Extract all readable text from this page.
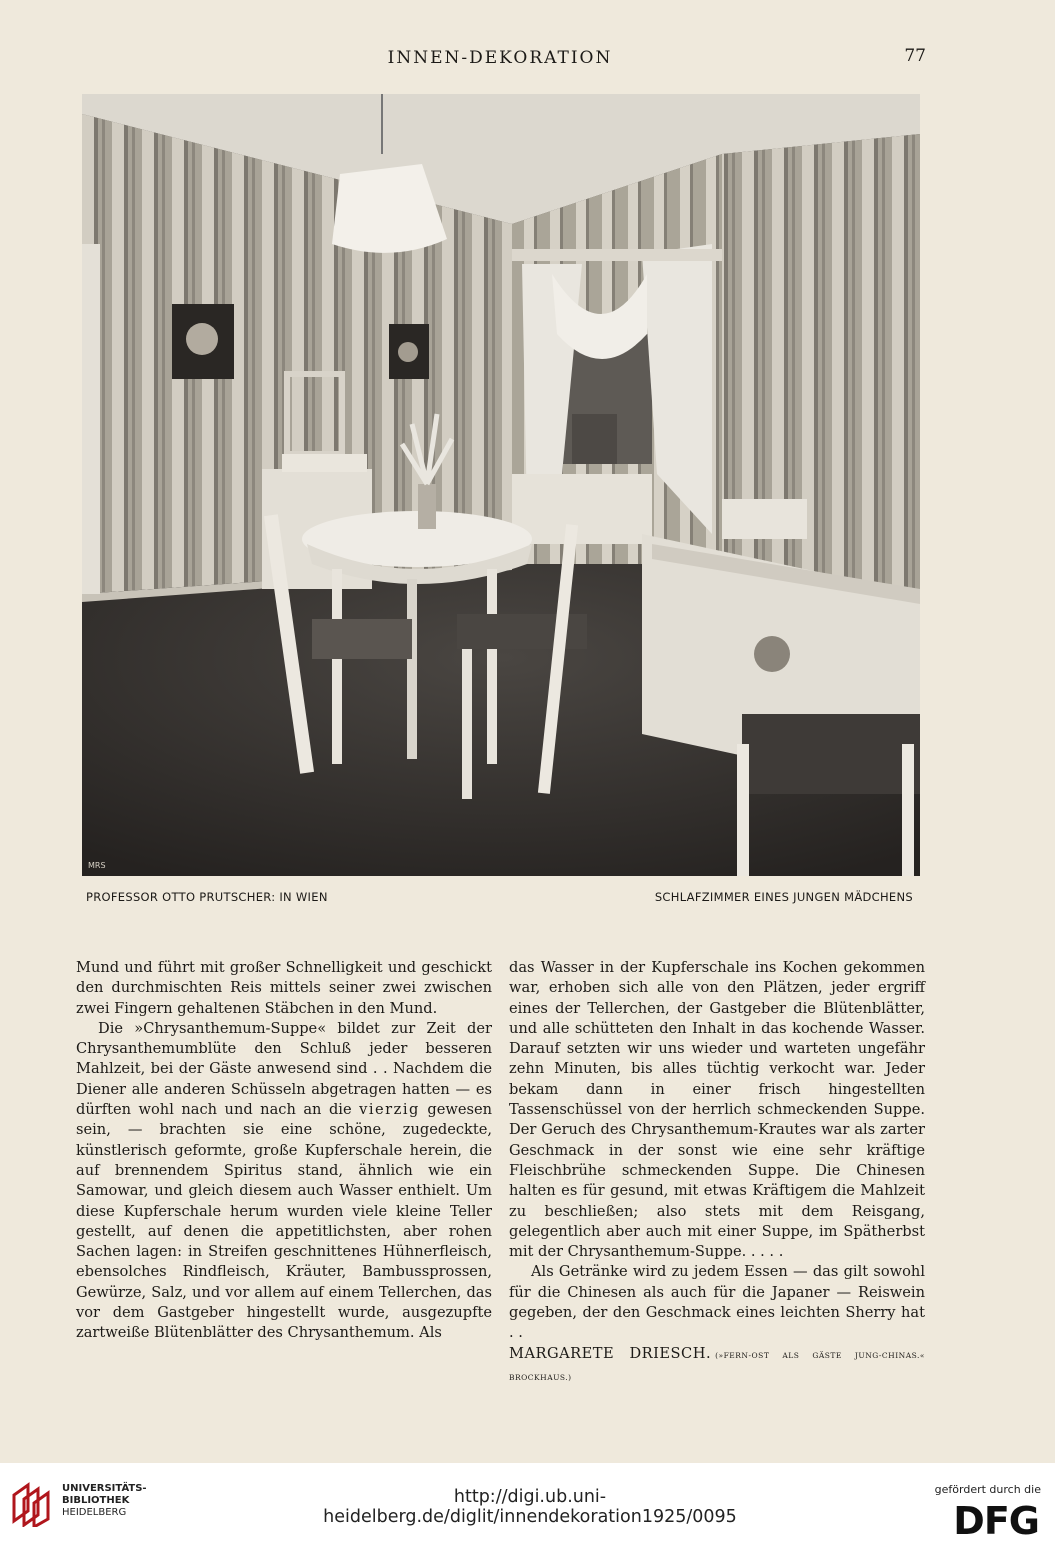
INNEN-DEKORATION	77
MRS
PROFESSOR OTTO PRUTSCHER: IN WIEN	SCHLAFZIMMER EINES JUNGEN MÄDCHENS

Mund und führt mit großer Schnelligkeit und geschickt den durchmischten Reis mittels seiner zwei zwischen zwei Fingern gehaltenen Stäbchen in den Mund.

Die »Chrysanthemum-Suppe« bildet zur Zeit der Chrysanthemumblüte den Schluß jeder besseren Mahlzeit, bei der Gäste anwesend sind . . Nachdem die Diener alle anderen Schüsseln abgetragen hatten — es dürften wohl nach und nach an die vierzig gewesen sein, — brachten sie eine schöne, zugedeckte, künstlerisch geformte, große Kupferschale herein, die auf brennendem Spiritus stand, ähnlich wie ein Samowar, und gleich diesem auch Wasser enthielt. Um diese Kupferschale herum wurden viele kleine Teller gestellt, auf denen die appetitlichsten, aber rohen Sachen lagen: in Streifen geschnittenes Hühnerfleisch, ebensolches Rindfleisch, Kräuter, Bambussprossen, Gewürze, Salz, und vor allem auf einem Tellerchen, das vor dem Gastgeber hingestellt wurde, ausgezupfte zartweiße Blütenblätter des Chrysanthemum. Als

das Wasser in der Kupferschale ins Kochen gekommen war, erhoben sich alle von den Plätzen, jeder ergriff eines der Tellerchen, der Gastgeber die Blütenblätter, und alle schütteten den Inhalt in das kochende Wasser. Darauf setzten wir uns wieder und warteten ungefähr zehn Minuten, bis alles tüchtig verkocht war. Jeder bekam dann in einer frisch hingestellten Tassenschüssel von der herrlich schmeckenden Suppe. Der Geruch des Chrysanthemum-Krautes war als zarter Geschmack in der sonst wie eine sehr kräftige Fleischbrühe schmeckenden Suppe. Die Chinesen halten es für gesund, mit etwas Kräftigem die Mahlzeit zu beschließen; also stets mit dem Reisgang, gelegentlich aber auch mit einer Suppe, im Spätherbst mit der Chrysanthemum-Suppe. . . . .

Als Getränke wird zu jedem Essen — das gilt sowohl für die Chinesen als auch für die Japaner — Reiswein gegeben, der den Geschmack eines leichten Sherry hat . .

MARGARETE DRIESCH. (»FERN-OST ALS GÄSTE JUNG-CHINAS.« BROCKHAUS.)

UNIVERSITÄTS-
BIBLIOTHEK
HEIDELBERG
http://digi.ub.uni-heidelberg.de/diglit/innendekoration1925/0095
gefördert durch die
DFG
